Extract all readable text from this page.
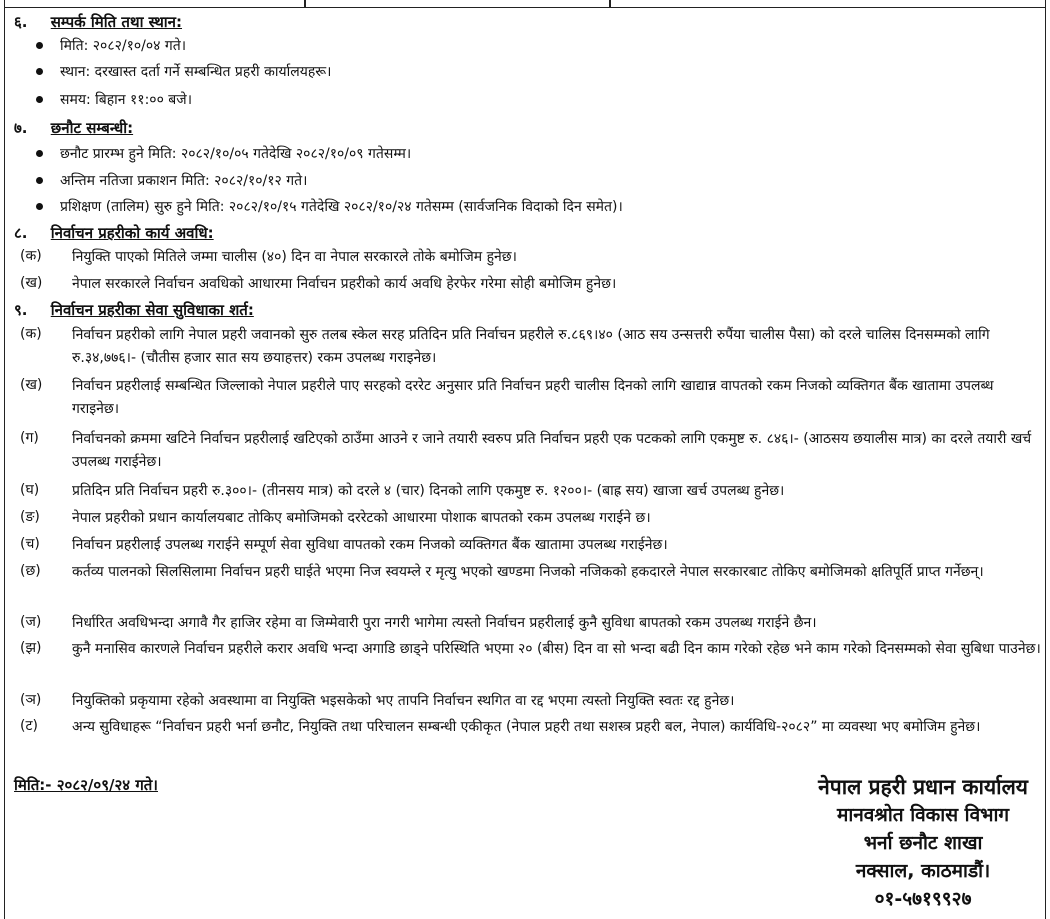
६. सम्पर्क मिति तथा स्थान:
मिति: २०८२/१०/०४ गते।
स्थान: दरखास्त दर्ता गर्ने सम्बन्धित प्रहरी कार्यालयहरू।
समय: बिहान ११:०० बजे।
७. छनौट सम्बन्धी:
छनौट प्रारम्भ हुने मिति: २०८२/१०/०५ गतेदेखि २०८२/१०/०९ गतेसम्म।
अन्तिम नतिजा प्रकाशन मिति: २०८२/१०/१२ गते।
प्रशिक्षण (तालिम) सुरु हुने मिति: २०८२/१०/१५ गतेदेखि २०८२/१०/२४ गतेसम्म (सार्वजनिक विदाको दिन समेत)।
८. निर्वाचन प्रहरीको कार्य अवधि:
(क) नियुक्ति पाएको मितिले जम्मा चालीस (४०) दिन वा नेपाल सरकारले तोके बमोजिम हुनेछ।
(ख) नेपाल सरकारले निर्वाचन अवधिको आधारमा निर्वाचन प्रहरीको कार्य अवधि हेरफेर गरेमा सोही बमोजिम हुनेछ।
९. निर्वाचन प्रहरीका सेवा सुविधाका शर्त:
(क) निर्वाचन प्रहरीको लागि नेपाल प्रहरी जवानको सुरु तलब स्केल सरह प्रतिदिन प्रति निर्वाचन प्रहरीले रु.८६९।४० (आठ सय उन्सत्तरी रुपैंया चालीस पैसा) को दरले चालिस दिनसम्मको लागि रु.३४,७७६।- (चौतीस हजार सात सय छयाहत्तर) रकम उपलब्ध गराइनेछ।
(ख) निर्वाचन प्रहरीलाई सम्बन्धित जिल्लाको नेपाल प्रहरीले पाए सरहको दररेट अनुसार प्रति निर्वाचन प्रहरी चालीस दिनको लागि खाद्यान्न वापतको रकम निजको व्यक्तिगत बैंक खातामा उपलब्ध गराइनेछ।
(ग) निर्वाचनको क्रममा खटिने निर्वाचन प्रहरीलाई खटिएको ठाउँमा आउने र जाने तयारी स्वरुप प्रति निर्वाचन प्रहरी एक पटकको लागि एकमुष्ट रु. ८४६।- (आठसय छयालीस मात्र) का दरले तयारी खर्च उपलब्ध गराईनेछ।
(घ) प्रतिदिन प्रति निर्वाचन प्रहरी रु.३००।- (तीनसय मात्र) को दरले ४ (चार) दिनको लागि एकमुष्ट रु. १२००।- (बाह्र सय) खाजा खर्च उपलब्ध हुनेछ।
(ङ) नेपाल प्रहरीको प्रधान कार्यालयबाट तोकिए बमोजिमको दररेटको आधारमा पोशाक बापतको रकम उपलब्ध गराईने छ।
(च) निर्वाचन प्रहरीलाई उपलब्ध गराईने सम्पूर्ण सेवा सुविधा वापतको रकम निजको व्यक्तिगत बैंक खातामा उपलब्ध गराईनेछ।
(छ) कर्तव्य पालनको सिलसिलामा निर्वाचन प्रहरी घाईते भएमा निज स्वयम्ले र मृत्यु भएको खण्डमा निजको नजिकको हकदारले नेपाल सरकारबाट तोकिए बमोजिमको क्षतिपूर्ति प्राप्त गर्नेछन्।
(ज) निर्धारित अवधिभन्दा अगावै गैर हाजिर रहेमा वा जिम्मेवारी पुरा नगरी भागेमा त्यस्तो निर्वाचन प्रहरीलाई कुनै सुविधा बापतको रकम उपलब्ध गराईने छैन।
(झ) कुनै मनासिव कारणले निर्वाचन प्रहरीले करार अवधि भन्दा अगाडि छाड्ने परिस्थिति भएमा २० (बीस) दिन वा सो भन्दा बढी दिन काम गरेको रहेछ भने काम गरेको दिनसम्मको सेवा सुबिधा पाउनेछ।
(ञ) नियुक्तिको प्रकृयामा रहेको अवस्थामा वा नियुक्ति भइसकेको भए तापनि निर्वाचन स्थगित वा रद्द भएमा त्यस्तो नियुक्ति स्वतः रद्द हुनेछ।
(ट) अन्य सुविधाहरू “निर्वाचन प्रहरी भर्ना छनौट, नियुक्ति तथा परिचालन सम्बन्धी एकीकृत (नेपाल प्रहरी तथा सशस्त्र प्रहरी बल, नेपाल) कार्यविधि-२०८२” मा व्यवस्था भए बमोजिम हुनेछ।
मिति:- २०८२/०९/२४ गते।	नेपाल प्रहरी प्रधान कार्यालय
मानवश्रोत विकास विभाग
भर्ना छनौट शाखा
नक्साल, काठमाडौं।
०१-५७१९९२७
